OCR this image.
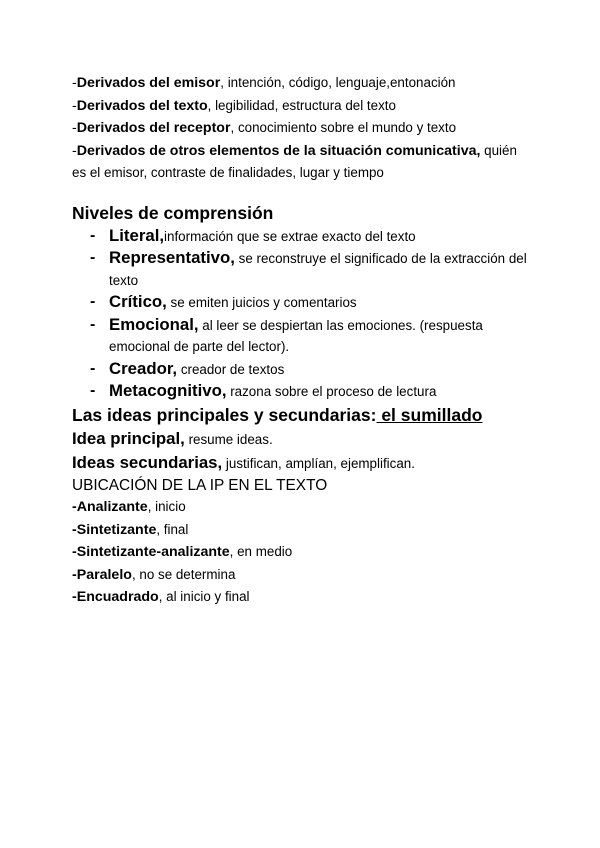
-Derivados del emisor, intención, código, lenguaje,entonación
-Derivados del texto, legibilidad, estructura del texto
-Derivados del receptor, conocimiento sobre el mundo y texto
-Derivados de otros elementos de la situación comunicativa, quién es el emisor, contraste de finalidades, lugar y tiempo
Niveles de comprensión
- Literal,información que se extrae exacto del texto
- Representativo, se reconstruye el significado de la extracción del texto
- Crítico, se emiten juicios y comentarios
- Emocional, al leer se despiertan las emociones. (respuesta emocional de parte del lector).
- Creador, creador de textos
- Metacognitivo, razona sobre el proceso de lectura
Las ideas principales y secundarias: el sumillado
Idea principal, resume ideas.
Ideas secundarias, justifican, amplían, ejemplifican.
UBICACIÓN DE LA IP EN EL TEXTO
-Analizante, inicio
-Sintetizante, final
-Sintetizante-analizante, en medio
-Paralelo, no se determina
-Encuadrado, al inicio y final
